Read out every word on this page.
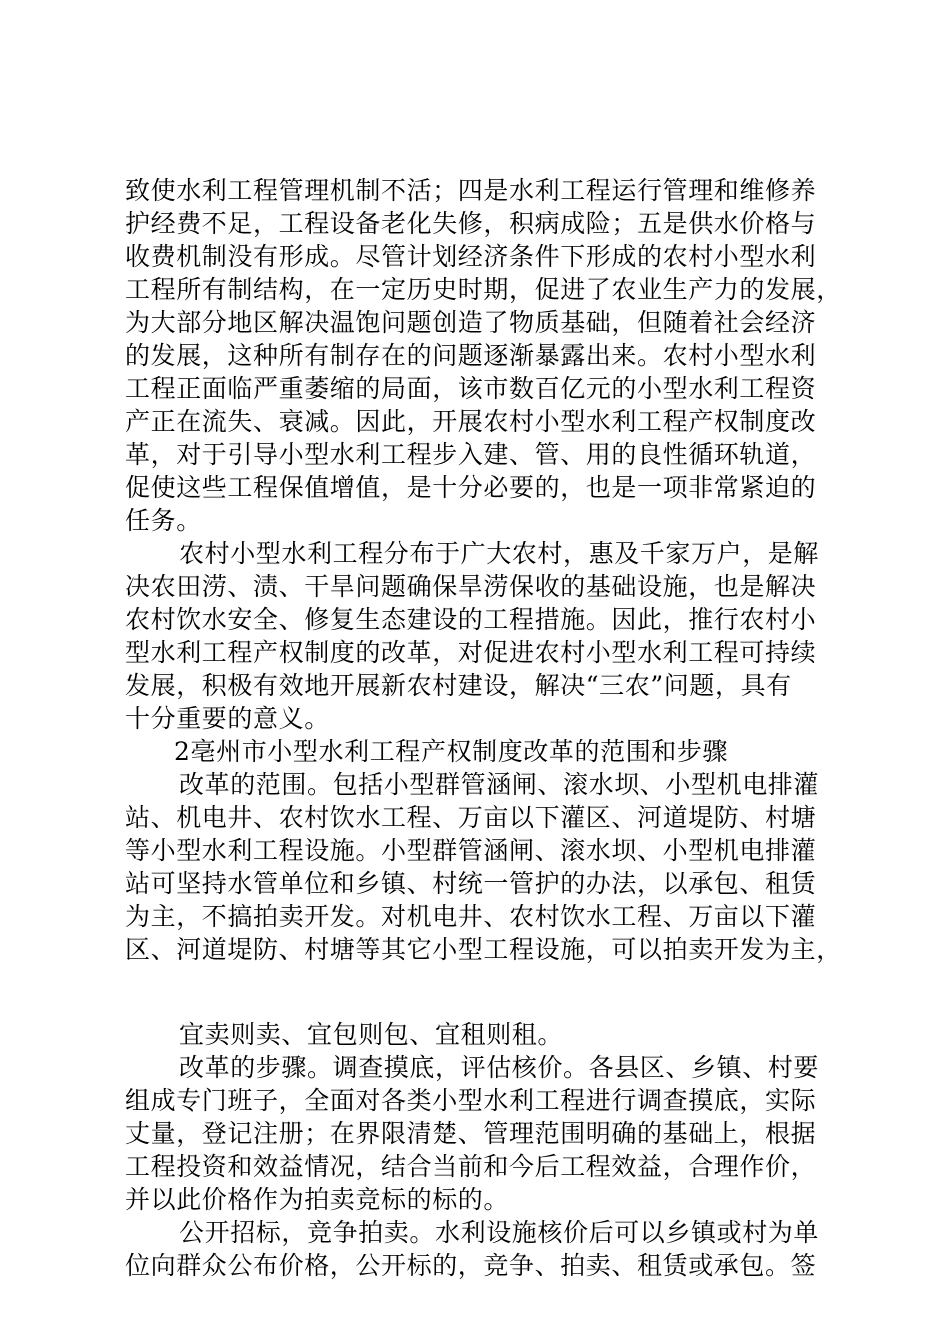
致使水利工程管理机制不活；四是水利工程运行管理和维修养
护经费不足，工程设备老化失修，积病成险；五是供水价格与
收费机制没有形成。尽管计划经济条件下形成的农村小型水利
工程所有制结构，在一定历史时期，促进了农业生产力的发展，
为大部分地区解决温饱问题创造了物质基础，但随着社会经济
的发展，这种所有制存在的问题逐渐暴露出来。农村小型水利
工程正面临严重萎缩的局面，该市数百亿元的小型水利工程资
产正在流失、衰减。因此，开展农村小型水利工程产权制度改
革，对于引导小型水利工程步入建、管、用的良性循环轨道，
促使这些工程保值增值，是十分必要的，也是一项非常紧迫的
任务。
农村小型水利工程分布于广大农村，惠及千家万户，是解
决农田涝、渍、干旱问题确保旱涝保收的基础设施，也是解决
农村饮水安全、修复生态建设的工程措施。因此，推行农村小
型水利工程产权制度的改革，对促进农村小型水利工程可持续
发展，积极有效地开展新农村建设，解决“三农”问题，具有
十分重要的意义。
2亳州市小型水利工程产权制度改革的范围和步骤
改革的范围。包括小型群管涵闸、滚水坝、小型机电排灌
站、机电井、农村饮水工程、万亩以下灌区、河道堤防、村塘
等小型水利工程设施。小型群管涵闸、滚水坝、小型机电排灌
站可坚持水管单位和乡镇、村统一管护的办法，以承包、租赁
为主，不搞拍卖开发。对机电井、农村饮水工程、万亩以下灌
区、河道堤防、村塘等其它小型工程设施，可以拍卖开发为主，
宜卖则卖、宜包则包、宜租则租。
改革的步骤。调查摸底，评估核价。各县区、乡镇、村要
组成专门班子，全面对各类小型水利工程进行调查摸底，实际
丈量，登记注册；在界限清楚、管理范围明确的基础上，根据
工程投资和效益情况，结合当前和今后工程效益，合理作价，
并以此价格作为拍卖竞标的标的。
公开招标，竞争拍卖。水利设施核价后可以乡镇或村为单
位向群众公布价格，公开标的，竞争、拍卖、租赁或承包。签
